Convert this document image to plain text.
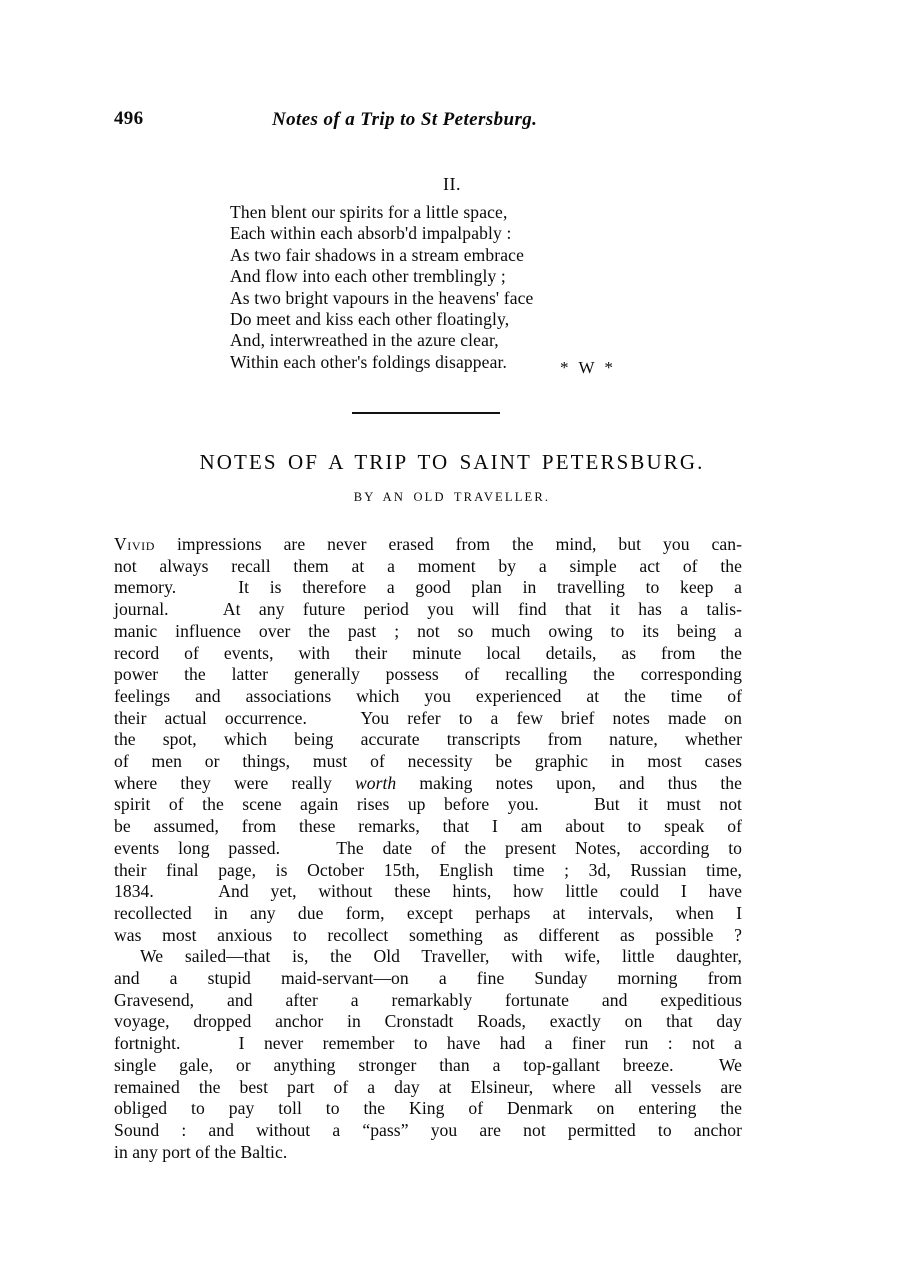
496	Notes of a Trip to St Petersburg.
II.
Then blent our spirits for a little space,
Each within each absorb'd impalpably :
As two fair shadows in a stream embrace
And flow into each other tremblingly ;
As two bright vapours in the heavens' face
Do meet and kiss each other floatingly,
And, interwreathed in the azure clear,
Within each other's foldings disappear.	* W *
NOTES OF A TRIP TO SAINT PETERSBURG.
BY AN OLD TRAVELLER.
Vivid impressions are never erased from the mind, but you can-
not always recall them at a moment by a simple act of the
memory.   It is therefore a good plan in travelling to keep a
journal.   At any future period you will find that it has a talis-
manic influence over the past ; not so much owing to its being a
record of events, with their minute local details, as from the
power the latter generally possess of recalling the corresponding
feelings and associations which you experienced at the time of
their actual occurrence.   You refer to a few brief notes made on
the spot, which being accurate transcripts from nature, whether
of men or things, must of necessity be graphic in most cases
where they were really worth making notes upon, and thus the
spirit of the scene again rises up before you.   But it must not
be assumed, from these remarks, that I am about to speak of
events long passed.   The date of the present Notes, according to
their final page, is October 15th, English time ; 3d, Russian time,
1834.   And yet, without these hints, how little could I have
recollected in any due form, except perhaps at intervals, when I
was most anxious to recollect something as different as possible ?
We sailed—that is, the Old Traveller, with wife, little daughter,
and a stupid maid-servant—on a fine Sunday morning from
Gravesend, and after a remarkably fortunate and expeditious
voyage, dropped anchor in Cronstadt Roads, exactly on that day
fortnight.   I never remember to have had a finer run : not a
single gale, or anything stronger than a top-gallant breeze.  We
remained the best part of a day at Elsineur, where all vessels are
obliged to pay toll to the King of Denmark on entering the
Sound : and without a “pass” you are not permitted to anchor
in any port of the Baltic.
